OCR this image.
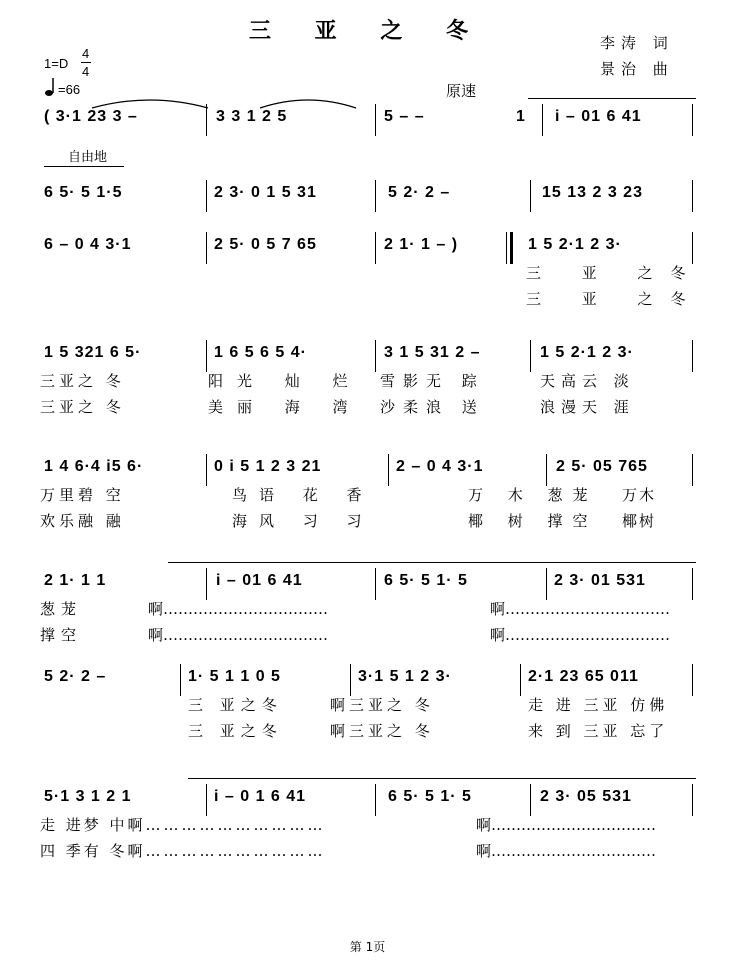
三 亚 之 冬	李涛 词
景治 曲
1=D
4
4
=66	原速
自由地
( 3·1 23 3 –	3 3 1 2 5	5 – –	1 i – 01 6 41
6 5· 5 1·5	2 3· 0 1 5 31	5 2· 2 –	15 13 2 3 23
6 – 0 4 3·1	2 5· 0 5 7 65	2 1· 1 – )	1 5 2·1 2 3·
三 亚 之冬
三 亚 之冬
1 5 321 6 5·	1 6 5 6 5 4·	3 1 5 31 2 –	1 5 2·1 2 3·
三亚之 冬	阳光 灿 烂 雪影无 踪	天高云 淡
三亚之 冬	美丽 海 湾 沙柔浪 送	浪漫天 涯
1 4 6·4 i5 6·	0 i 5 1 2 3 21	2 – 0 4 3·1	2 5· 05 765
万里碧 空	鸟语 花 香	万 木 葱茏 万木
欢乐融 融	海风 习 习	椰 树 撑空 椰树
2 1· 1 1	i – 01 6 41	6 5· 5 1· 5	2 3· 01 531
葱茏	啊……………………………	啊……………………………
撑空	啊……………………………	啊……………………………
5 2· 2 –	1· 5 1 1 0 5	3·1 5 1 2 3·	2·1 23 65 011
三 亚之冬	啊三亚之 冬	走 进 三亚 仿佛
三 亚之冬	啊三亚之 冬	来 到 三亚 忘了
5·1 3 1 2 1	i – 0 1 6 41	6 5· 5 1· 5	2 3· 05 531
走 进梦 中啊…………………………	啊……………………………
四 季有 冬啊…………………………	啊……………………………
第 1页
